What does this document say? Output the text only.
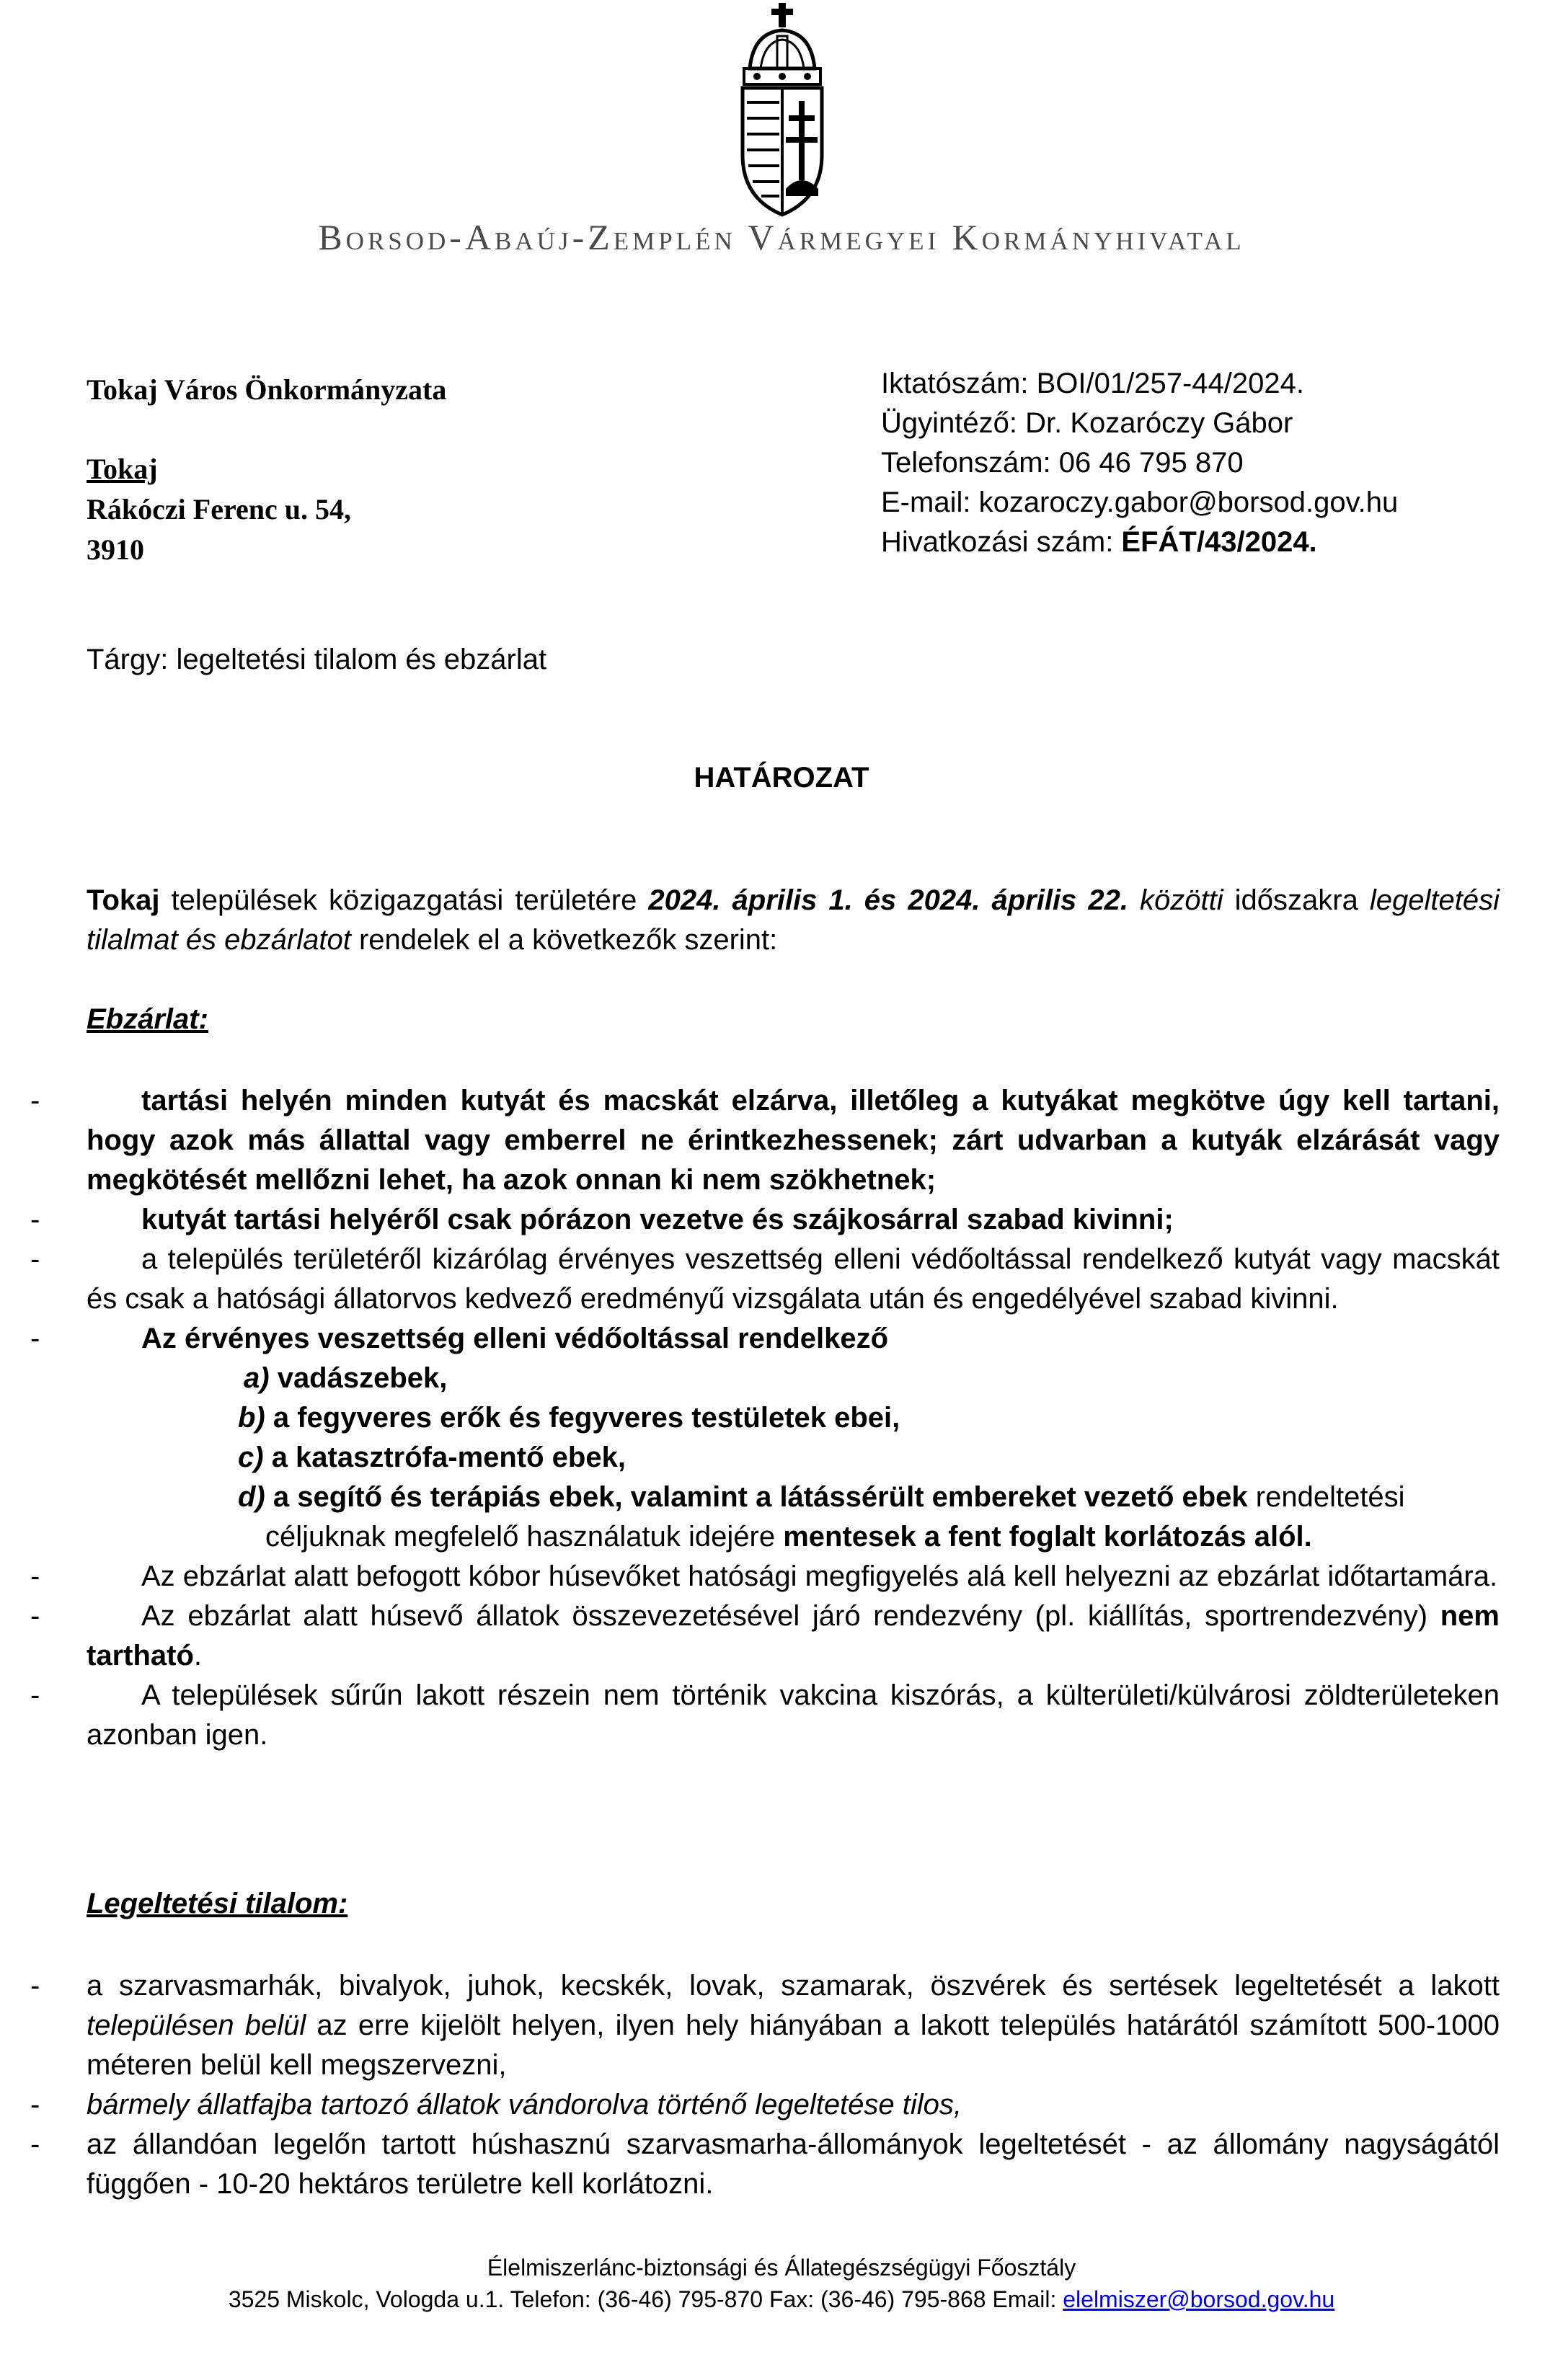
Borsod-Abaúj-Zemplén Vármegyei Kormányhivatal
Tokaj Város Önkormányzata
Tokaj
Rákóczi Ferenc u. 54,
3910
Iktatószám: BOI/01/257-44/2024.
Ügyintéző: Dr. Kozaróczy Gábor
Telefonszám: 06 46 795 870
E-mail: kozaroczy.gabor@borsod.gov.hu
Hivatkozási szám: ÉFÁT/43/2024.
Tárgy: legeltetési tilalom és ebzárlat
HATÁROZAT
Tokaj települések közigazgatási területére 2024. április 1. és 2024. április 22. közötti időszakra legeltetési tilalmat és ebzárlatot rendelek el a következők szerint:
Ebzárlat:
-	tartási helyén minden kutyát és macskát elzárva, illetőleg a kutyákat megkötve úgy kell tartani, hogy azok más állattal vagy emberrel ne érintkezhessenek; zárt udvarban a kutyák elzárását vagy megkötését mellőzni lehet, ha azok onnan ki nem szökhetnek;
-	kutyát tartási helyéről csak pórázon vezetve és szájkosárral szabad kivinni;
-	a település területéről kizárólag érvényes veszettség elleni védőoltással rendelkező kutyát vagy macskát és csak a hatósági állatorvos kedvező eredményű vizsgálata után és engedélyével szabad kivinni.
-	Az érvényes veszettség elleni védőoltással rendelkező
a) vadászebek,
b) a fegyveres erők és fegyveres testületek ebei,
c) a katasztrófa-mentő ebek,
d) a segítő és terápiás ebek, valamint a látássérült embereket vezető ebek rendeltetési
céljuknak megfelelő használatuk idejére mentesek a fent foglalt korlátozás alól.
-	Az ebzárlat alatt befogott kóbor húsevőket hatósági megfigyelés alá kell helyezni az ebzárlat időtartamára.
-	Az ebzárlat alatt húsevő állatok összevezetésével járó rendezvény (pl. kiállítás, sportrendezvény) nem tartható.
-	A települések sűrűn lakott részein nem történik vakcina kiszórás, a külterületi/külvárosi zöldterületeken azonban igen.
Legeltetési tilalom:
- a szarvasmarhák, bivalyok, juhok, kecskék, lovak, szamarak, öszvérek és sertések legeltetését a lakott településen belül az erre kijelölt helyen, ilyen hely hiányában a lakott település határától számított 500-1000 méteren belül kell megszervezni,
- bármely állatfajba tartozó állatok vándorolva történő legeltetése tilos,
- az állandóan legelőn tartott húshasznú szarvasmarha-állományok legeltetését - az állomány nagyságától függően - 10-20 hektáros területre kell korlátozni.
Élelmiszerlánc-biztonsági és Állategészségügyi Főosztály
3525 Miskolc, Vologda u.1. Telefon: (36-46) 795-870 Fax: (36-46) 795-868 Email: elelmiszer@borsod.gov.hu
